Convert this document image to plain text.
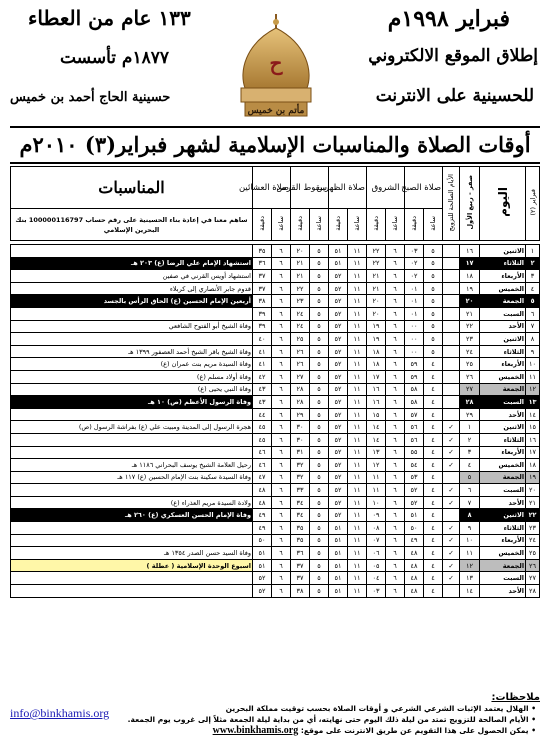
فبراير ١٩٩٨م
إطلاق الموقع الالكتروني
للحسينية على الانترنت
١٣٣ عام من العطاء
١٨٧٧م تأسست
حسينية الحاج أحمد بن خميس
ح
مأتم بن خميس
أوقات الصلاة والمناسبات الإسلامية لشهر فبراير(٣) ٢٠١٠م
فبراير (٢)	اليوم	صفر - ربيع الأول	الأيام الصالحة للتزويج	صلاة الصبح		الشروق		صلاة الظهرين		سقوط القرص		صلاة العشائين		المناسبات
				ساعة	دقيقة	ساعة	دقيقة	ساعة	دقيقة	ساعة	دقيقة	ساعة	دقيقة	ساهم معنا في إعادة بناء الحسينية على رقم حساب 100000116797 بنك البحرين الإسلامي

١	الاثنين	١٦		٥	٠٣	٦	٢٢	١١	٥١	٥	٢٠	٦	٣٥	
٢	الثلاثاء	١٧		٥	٠٢	٦	٢٢	١١	٥١	٥	٢١	٦	٣٦	استشهاد الإمام علي الرضا (ع) ٢٠٣ هـ
٣	الأربعاء	١٨		٥	٠٢	٦	٢١	١١	٥٢	٥	٢١	٦	٣٧	استشهاد أويس القرني في صفين
٤	الخميس	١٩		٥	٠١	٦	٢١	١١	٥٢	٥	٢٢	٦	٣٧	قدوم جابر الأنصاري إلى كربلاء
٥	الجمعة	٢٠		٥	٠١	٦	٢٠	١١	٥٢	٥	٢٣	٦	٣٨	أربعين الإمام الحسين (ع) الحاق الرأس بالجسد
٦	السبت	٢١		٥	٠١	٦	٢٠	١١	٥٢	٥	٢٤	٦	٣٩	
٧	الأحد	٢٢		٥	٠٠	٦	١٩	١١	٥٢	٥	٢٤	٦	٣٩	وفاة الشيخ أبو الفتوح الشافعي
٨	الاثنين	٢٣		٥	٠٠	٦	١٩	١١	٥٢	٥	٢٥	٦	٤٠	
٩	الثلاثاء	٢٤		٥	٠٠	٦	١٨	١١	٥٢	٥	٢٦	٦	٤١	وفاة الشيخ باقر الشيخ أحمد العصفور ١٣٩٩ هـ
١٠	الأربعاء	٢٥		٤	٥٩	٦	١٨	١١	٥٢	٥	٢٦	٦	٤١	وفاة السيدة مريم بنت عمران (ع)
١١	الخميس	٢٦		٤	٥٩	٦	١٧	١١	٥٢	٥	٢٧	٦	٤٢	وفاة أولاد مسلم (ع)
١٢	الجمعة	٢٧		٤	٥٨	٦	١٦	١١	٥٢	٥	٢٨	٦	٤٣	وفاة النبي يحيى (ع)
١٣	السبت	٢٨		٤	٥٨	٦	١٦	١١	٥٢	٥	٢٨	٦	٤٣	وفاة الرسول الأعظم (ص) ١٠ هـ
١٤	الأحد	٢٩		٤	٥٧	٦	١٥	١١	٥٢	٥	٢٩	٦	٤٤	
١٥	الاثنين	١	✓	٤	٥٦	٦	١٤	١١	٥٢	٥	٣٠	٦	٤٥	هجرة الرسول إلى المدينة ومبيت علي (ع) بفراشة الرسول (ص)
١٦	الثلاثاء	٢	✓	٤	٥٦	٦	١٤	١١	٥٢	٥	٣٠	٦	٤٥	
١٧	الأربعاء	٣	✓	٤	٥٥	٦	١٣	١١	٥٢	٥	٣١	٦	٤٦	
١٨	الخميس	٤	✓	٤	٥٤	٦	١٢	١١	٥٢	٥	٣٢	٦	٤٦	رحيل العلامة الشيخ يوسف البحراني ١١٨٦ هـ
١٩	الجمعة	٥		٤	٥٣	٦	١١	١١	٥٢	٥	٣٢	٦	٤٧	وفاة السيدة سكينة بنت الإمام الحسين (ع) ١١٧ هـ
٢٠	السبت	٦	✓	٤	٥٢	٦	١١	١١	٥٢	٥	٣٣	٦	٤٨	
٢١	الأحد	٧	✓	٤	٥٢	٦	١٠	١١	٥٢	٥	٣٤	٦	٤٨	ولادة السيدة مريم العذراء (ع)
٢٢	الاثنين	٨		٤	٥١	٦	٠٩	١١	٥٢	٥	٣٤	٦	٤٩	وفاة الإمام الحسن العسكري (ع) ٢٦٠ هـ
٢٣	الثلاثاء	٩	✓	٤	٥٠	٦	٠٨	١١	٥١	٥	٣٥	٦	٤٩	
٢٤	الأربعاء	١٠	✓	٤	٤٩	٦	٠٧	١١	٥١	٥	٣٥	٦	٥٠	
٢٥	الخميس	١١	✓	٤	٤٨	٦	٠٦	١١	٥١	٥	٣٦	٦	٥١	وفاة السيد حسن الصدر ١٣٥٤ هـ
٢٦	الجمعة	١٢	✓	٤	٤٨	٦	٠٥	١١	٥١	٥	٣٧	٦	٥١	اسبوع الوحدة الإسلامية ( عطلة )
٢٧	السبت	١٣	✓	٤	٤٨	٦	٠٤	١١	٥١	٥	٣٧	٦	٥٢	
٢٨	الأحد	١٤		٤	٤٨	٦	٠٣	١١	٥١	٥	٣٨	٦	٥٢	
ملاحظات:
• الهلال يعتمد الإثبات الشرعي الشرعي و أوقات الصلاة بحسب توقيت مملكة البحرين
• الأيام الصالحة للتزويج تمتد من ليلة ذلك اليوم حتى نهايته، أي من بداية ليلة الجمعة مثلاً إلى غروب يوم الجمعة.
• يمكن الحصول على هذا التقويم عن طريق الانترنت على موقع: www.binkhamis.org
info@binkhamis.org
